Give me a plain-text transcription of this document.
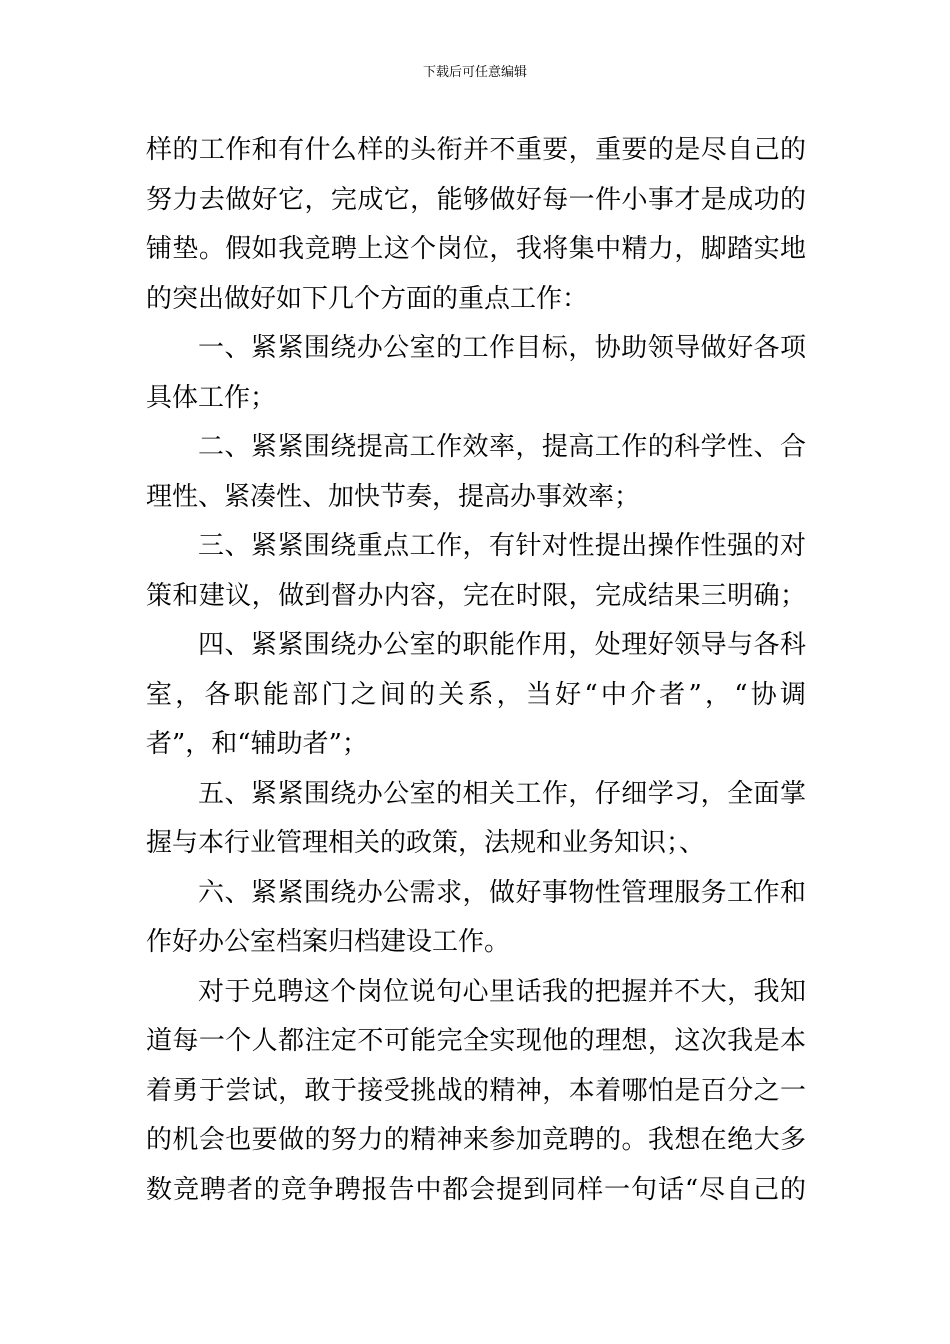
下载后可任意编辑
样的工作和有什么样的头衔并不重要，重要的是尽自己的
努力去做好它，完成它，能够做好每一件小事才是成功的
铺垫。假如我竞聘上这个岗位，我将集中精力，脚踏实地
的突出做好如下几个方面的重点工作：
一、紧紧围绕办公室的工作目标，协助领导做好各项
具体工作；
二、紧紧围绕提高工作效率，提高工作的科学性、合
理性、紧凑性、加快节奏，提高办事效率；
三、紧紧围绕重点工作，有针对性提出操作性强的对
策和建议，做到督办内容，完在时限，完成结果三明确；
四、紧紧围绕办公室的职能作用，处理好领导与各科
室，各职能部门之间的关系，当好“中介者”，“协调
者”，和“辅助者”；
五、紧紧围绕办公室的相关工作，仔细学习，全面掌
握与本行业管理相关的政策，法规和业务知识；、
六、紧紧围绕办公需求，做好事物性管理服务工作和
作好办公室档案归档建设工作。
对于兑聘这个岗位说句心里话我的把握并不大，我知
道每一个人都注定不可能完全实现他的理想，这次我是本
着勇于尝试，敢于接受挑战的精神，本着哪怕是百分之一
的机会也要做的努力的精神来参加竞聘的。我想在绝大多
数竞聘者的竞争聘报告中都会提到同样一句话“尽自己的
